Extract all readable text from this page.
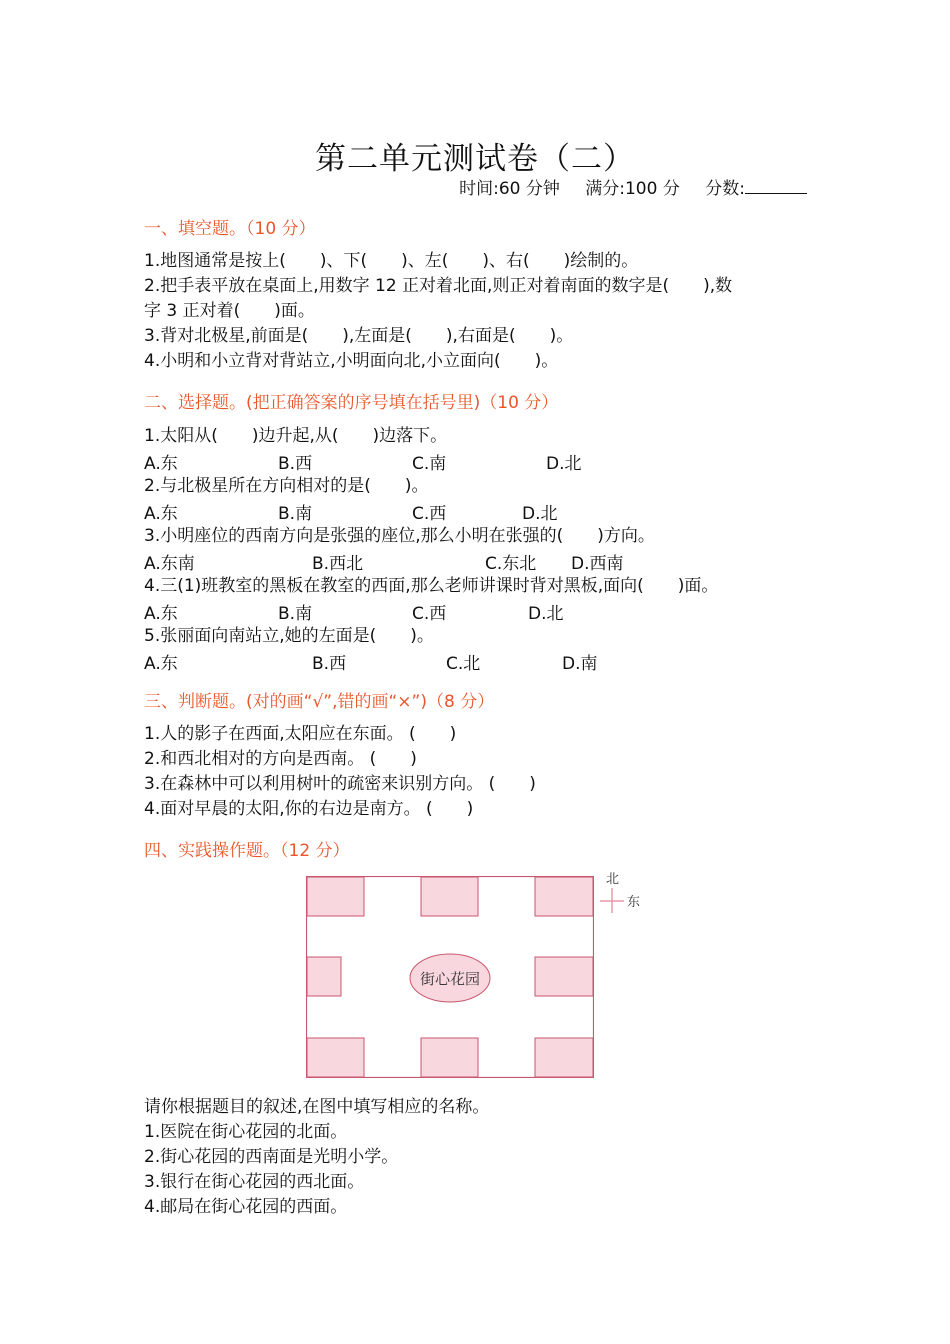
第二单元测试卷（二）
时间:60 分钟 满分:100 分 分数:
一、填空题。（10 分）
1.地图通常是按上(　　)、下(　　)、左(　　)、右(　　)绘制的。
2.把手表平放在桌面上,用数字 12 正对着北面,则正对着南面的数字是(　　),数
字 3 正对着(　　)面。
3.背对北极星,前面是(　　),左面是(　　),右面是(　　)。
4.小明和小立背对背站立,小明面向北,小立面向(　　)。
二、选择题。(把正确答案的序号填在括号里)（10 分）
1.太阳从(　　)边升起,从(　　)边落下。
A.东	B.西	C.南	D.北
2.与北极星所在方向相对的是(　　)。
A.东	B.南	C.西	D.北
3.小明座位的西南方向是张强的座位,那么小明在张强的(　　)方向。
A.东南	B.西北	C.东北 D.西南
4.三(1)班教室的黑板在教室的西面,那么老师讲课时背对黑板,面向(　　)面。
A.东	B.南	C.西	D.北
5.张丽面向南站立,她的左面是(　　)。
A.东	B.西	C.北	D.南
三、判断题。(对的画“√”,错的画“×”)（8 分）
1.人的影子在西面,太阳应在东面。 (　　)
2.和西北相对的方向是西南。 (　　)
3.在森林中可以利用树叶的疏密来识别方向。 (　　)
4.面对早晨的太阳,你的右边是南方。 (　　)
四、实践操作题。（12 分）
街心花园
北
东
请你根据题目的叙述,在图中填写相应的名称。
1.医院在街心花园的北面。
2.街心花园的西南面是光明小学。
3.银行在街心花园的西北面。
4.邮局在街心花园的西面。
